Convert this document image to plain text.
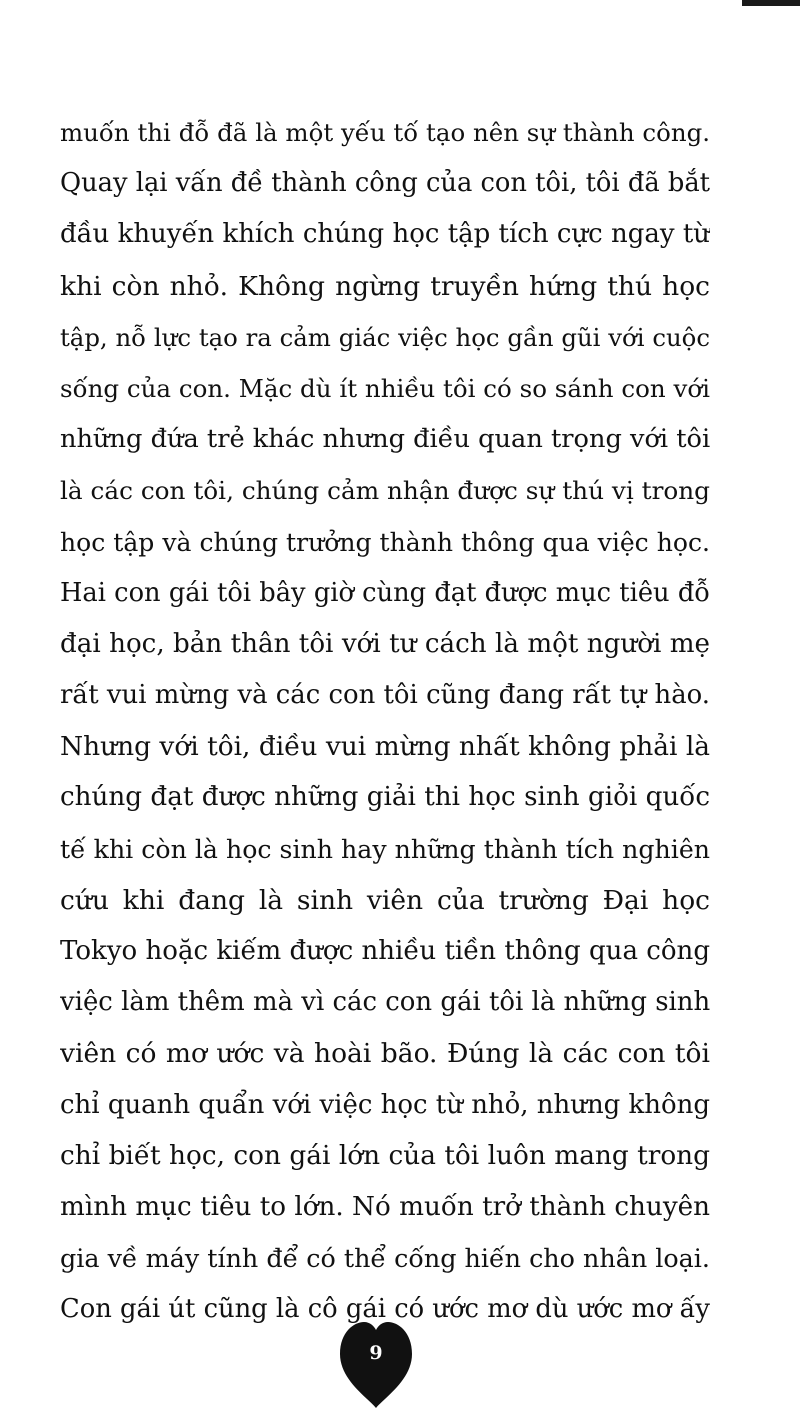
muốn thi đỗ đã là một yếu tố tạo nên sự thành công.
Quay lại vấn đề thành công của con tôi, tôi đã bắt
đầu khuyến khích chúng học tập tích cực ngay từ
khi còn nhỏ. Không ngừng truyền hứng thú học
tập, nỗ lực tạo ra cảm giác việc học gần gũi với cuộc
sống của con. Mặc dù ít nhiều tôi có so sánh con với
những đứa trẻ khác nhưng điều quan trọng với tôi
là các con tôi, chúng cảm nhận được sự thú vị trong
học tập và chúng trưởng thành thông qua việc học.
Hai con gái tôi bây giờ cùng đạt được mục tiêu đỗ
đại học, bản thân tôi với tư cách là một người mẹ
rất vui mừng và các con tôi cũng đang rất tự hào.
Nhưng với tôi, điều vui mừng nhất không phải là
chúng đạt được những giải thi học sinh giỏi quốc
tế khi còn là học sinh hay những thành tích nghiên
cứu khi đang là sinh viên của trường Đại học
Tokyo hoặc kiếm được nhiều tiền thông qua công
việc làm thêm mà vì các con gái tôi là những sinh
viên có mơ ước và hoài bão. Đúng là các con tôi
chỉ quanh quẩn với việc học từ nhỏ, nhưng không
chỉ biết học, con gái lớn của tôi luôn mang trong
mình mục tiêu to lớn. Nó muốn trở thành chuyên
gia về máy tính để có thể cống hiến cho nhân loại.
Con gái út cũng là cô gái có ước mơ dù ước mơ ấy
9
